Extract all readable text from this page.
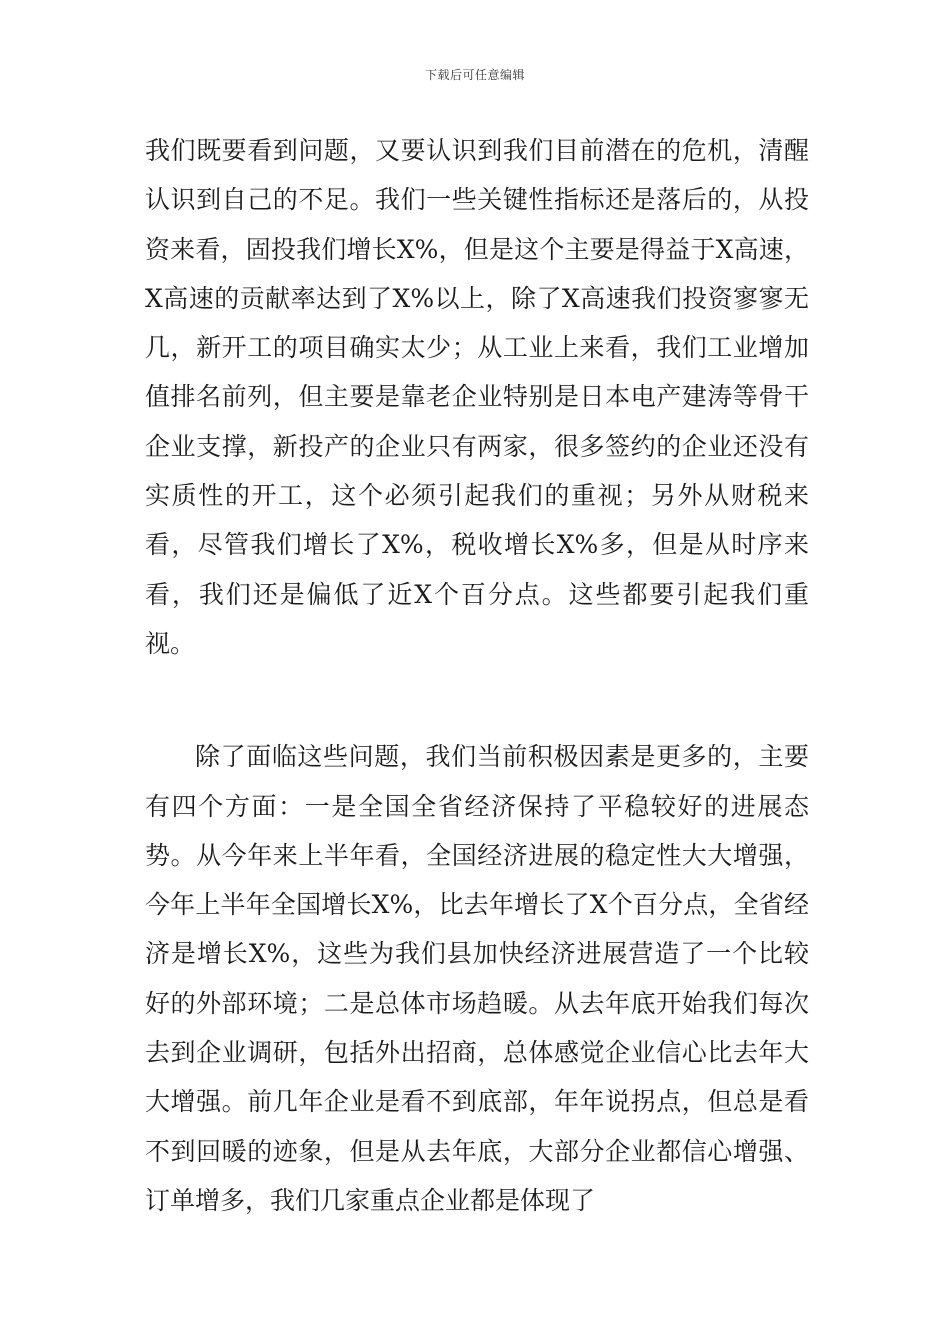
下载后可任意编辑

我们既要看到问题，又要认识到我们目前潜在的危机，清醒认识到自己的不足。我们一些关键性指标还是落后的，从投资来看，固投我们增长X%，但是这个主要是得益于X高速，X高速的贡献率达到了X%以上，除了X高速我们投资寥寥无几，新开工的项目确实太少；从工业上来看，我们工业增加值排名前列，但主要是靠老企业特别是日本电产建涛等骨干企业支撑，新投产的企业只有两家，很多签约的企业还没有实质性的开工，这个必须引起我们的重视；另外从财税来看，尽管我们增长了X%，税收增长X%多，但是从时序来看，我们还是偏低了近X个百分点。这些都要引起我们重视。

除了面临这些问题，我们当前积极因素是更多的，主要有四个方面：一是全国全省经济保持了平稳较好的进展态势。从今年来上半年看，全国经济进展的稳定性大大增强，今年上半年全国增长X%，比去年增长了X个百分点，全省经济是增长X%，这些为我们县加快经济进展营造了一个比较好的外部环境；二是总体市场趋暖。从去年底开始我们每次去到企业调研，包括外出招商，总体感觉企业信心比去年大大增强。前几年企业是看不到底部，年年说拐点，但总是看不到回暖的迹象，但是从去年底，大部分企业都信心增强、订单增多，我们几家重点企业都是体现了
